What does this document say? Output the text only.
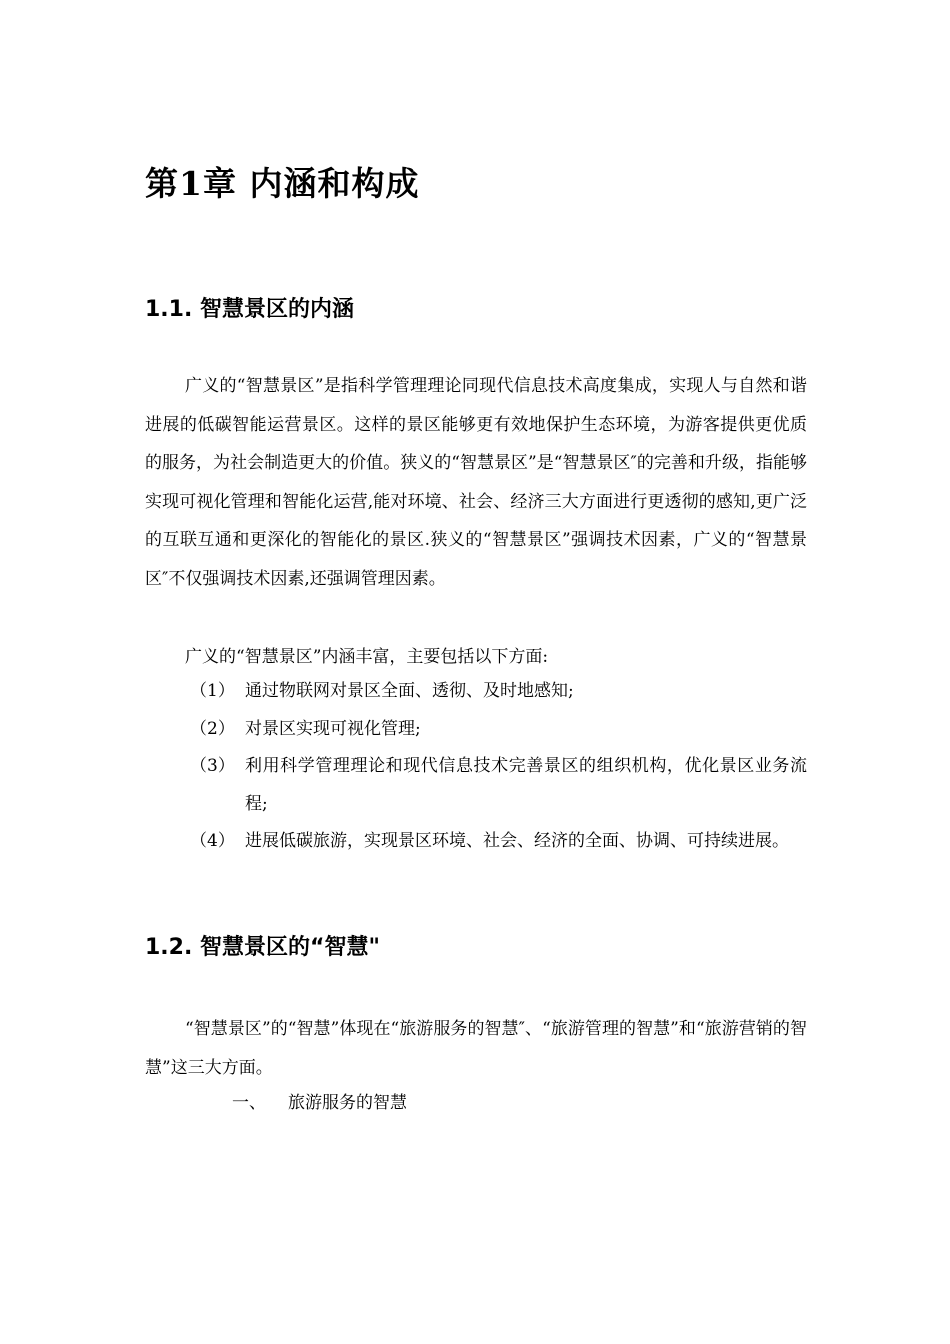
第1章 内涵和构成
1.1. 智慧景区的内涵

广义的“智慧景区”是指科学管理理论同现代信息技术高度集成，实现人与自然和谐进展的低碳智能运营景区。这样的景区能够更有效地保护生态环境，为游客提供更优质的服务，为社会制造更大的价值。狭义的“智慧景区”是“智慧景区″的完善和升级，指能够实现可视化管理和智能化运营,能对环境、社会、经济三大方面进行更透彻的感知,更广泛的互联互通和更深化的智能化的景区.狭义的“智慧景区”强调技术因素，广义的“智慧景区″不仅强调技术因素,还强调管理因素。

广义的“智慧景区”内涵丰富，主要包括以下方面:

（1） 通过物联网对景区全面、透彻、及时地感知;
（2） 对景区实现可视化管理;
（3） 利用科学管理理论和现代信息技术完善景区的组织机构，优化景区业务流程;
（4） 进展低碳旅游，实现景区环境、社会、经济的全面、协调、可持续进展。
1.2. 智慧景区的“智慧"

“智慧景区”的“智慧”体现在“旅游服务的智慧″、“旅游管理的智慧”和“旅游营销的智慧”这三大方面。

一、 旅游服务的智慧
